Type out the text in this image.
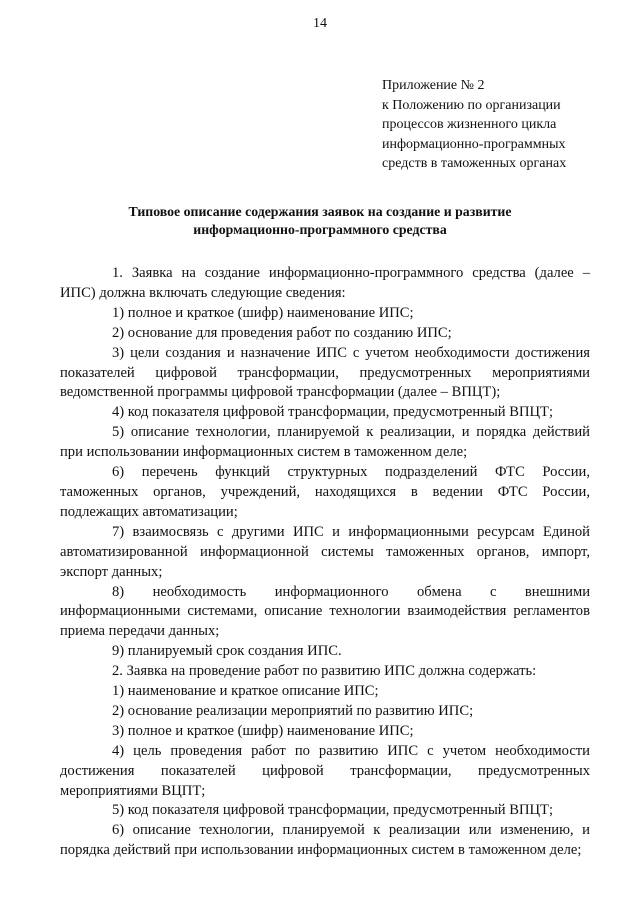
14
Приложение № 2
к Положению по организации
процессов жизненного цикла
информационно-программных
средств в таможенных органах
Типовое описание содержания заявок на создание и развитие
информационно-программного средства
1. Заявка на создание информационно-программного средства (далее –
ИПС) должна включать следующие сведения:
1) полное и краткое (шифр) наименование ИПС;
2) основание для проведения работ по созданию ИПС;
3) цели создания и назначение ИПС с учетом необходимости достижения
показателей цифровой трансформации, предусмотренных мероприятиями
ведомственной программы цифровой трансформации (далее – ВПЦТ);
4) код показателя цифровой трансформации, предусмотренный ВПЦТ;
5) описание технологии, планируемой к реализации, и порядка действий
при использовании информационных систем в таможенном деле;
6) перечень функций структурных подразделений ФТС России,
таможенных органов, учреждений, находящихся в ведении ФТС России,
подлежащих автоматизации;
7) взаимосвязь с другими ИПС и информационными ресурсам Единой
автоматизированной информационной системы таможенных органов, импорт,
экспорт данных;
8) необходимость информационного обмена с внешними
информационными системами, описание технологии взаимодействия регламентов
приема передачи данных;
9) планируемый срок создания ИПС.
2. Заявка на проведение работ по развитию ИПС должна содержать:
1) наименование и краткое описание ИПС;
2) основание реализации мероприятий по развитию ИПС;
3) полное и краткое (шифр) наименование ИПС;
4) цель проведения работ по развитию ИПС с учетом необходимости
достижения показателей цифровой трансформации, предусмотренных
мероприятиями ВЦПТ;
5) код показателя цифровой трансформации, предусмотренный ВПЦТ;
6) описание технологии, планируемой к реализации или изменению, и
порядка действий при использовании информационных систем в таможенном деле;
